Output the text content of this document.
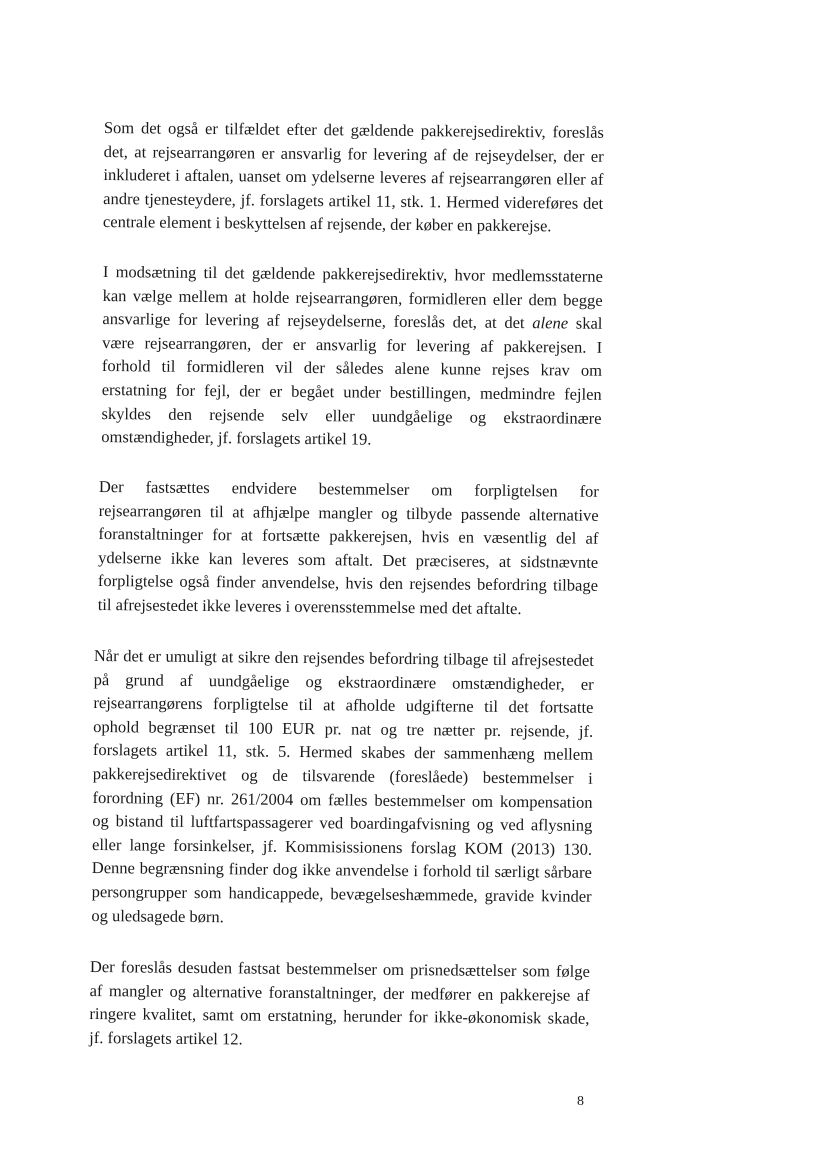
Som det også er tilfældet efter det gældende pakkerejsedirektiv, foreslås
det, at rejsearrangøren er ansvarlig for levering af de rejseydelser, der er
inkluderet i aftalen, uanset om ydelserne leveres af rejsearrangøren eller af
andre tjenesteydere, jf. forslagets artikel 11, stk. 1. Hermed videreføres det
centrale element i beskyttelsen af rejsende, der køber en pakkerejse.
I modsætning til det gældende pakkerejsedirektiv, hvor medlemsstaterne
kan vælge mellem at holde rejsearrangøren, formidleren eller dem begge
ansvarlige for levering af rejseydelserne, foreslås det, at det alene skal
være rejsearrangøren, der er ansvarlig for levering af pakkerejsen. I
forhold til formidleren vil der således alene kunne rejses krav om
erstatning for fejl, der er begået under bestillingen, medmindre fejlen
skyldes den rejsende selv eller uundgåelige og ekstraordinære
omstændigheder, jf. forslagets artikel 19.
Der fastsættes endvidere bestemmelser om forpligtelsen for
rejsearrangøren til at afhjælpe mangler og tilbyde passende alternative
foranstaltninger for at fortsætte pakkerejsen, hvis en væsentlig del af
ydelserne ikke kan leveres som aftalt. Det præciseres, at sidstnævnte
forpligtelse også finder anvendelse, hvis den rejsendes befordring tilbage
til afrejsestedet ikke leveres i overensstemmelse med det aftalte.
Når det er umuligt at sikre den rejsendes befordring tilbage til afrejsestedet
på grund af uundgåelige og ekstraordinære omstændigheder, er
rejsearrangørens forpligtelse til at afholde udgifterne til det fortsatte
ophold begrænset til 100 EUR pr. nat og tre nætter pr. rejsende, jf.
forslagets artikel 11, stk. 5. Hermed skabes der sammenhæng mellem
pakkerejsedirektivet og de tilsvarende (foreslåede) bestemmelser i
forordning (EF) nr. 261/2004 om fælles bestemmelser om kompensation
og bistand til luftfartspassagerer ved boardingafvisning og ved aflysning
eller lange forsinkelser, jf. Kommisissionens forslag KOM (2013) 130.
Denne begrænsning finder dog ikke anvendelse i forhold til særligt sårbare
persongrupper som handicappede, bevægelseshæmmede, gravide kvinder
og uledsagede børn.
Der foreslås desuden fastsat bestemmelser om prisnedsættelser som følge
af mangler og alternative foranstaltninger, der medfører en pakkerejse af
ringere kvalitet, samt om erstatning, herunder for ikke-økonomisk skade,
jf. forslagets artikel 12.
8
